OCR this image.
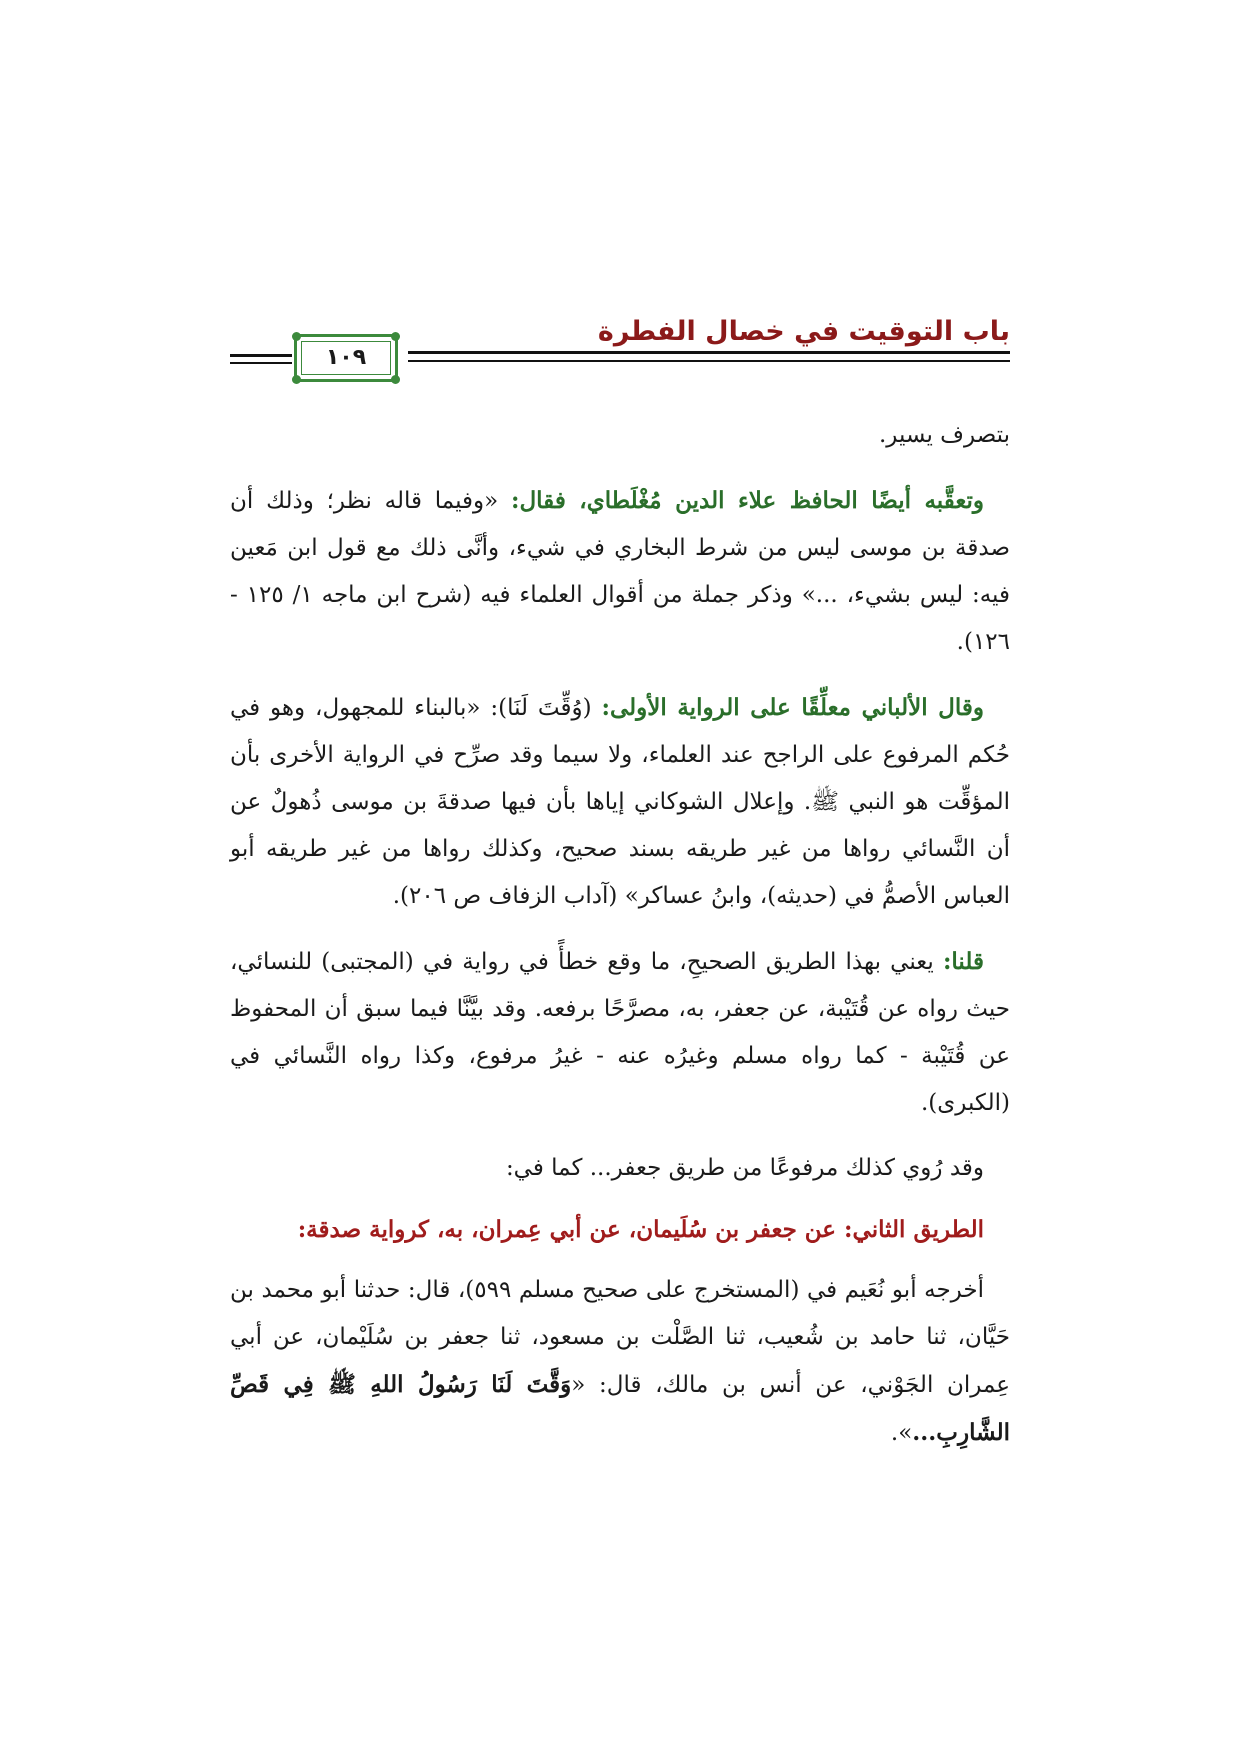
باب التوقيت في خصال الفطرة
١٠٩

بتصرف يسير.

وتعقَّبه أيضًا الحافظ علاء الدين مُغْلَطاي، فقال: «وفيما قاله نظر؛ وذلك أن صدقة بن موسى ليس من شرط البخاري في شيء، وأنَّى ذلك مع قول ابن مَعين فيه: ليس بشيء، ...» وذكر جملة من أقوال العلماء فيه (شرح ابن ماجه ١/ ١٢٥ - ١٢٦).

وقال الألباني معلِّقًا على الرواية الأولى: (وُقِّتَ لَنَا): «بالبناء للمجهول، وهو في حُكم المرفوع على الراجح عند العلماء، ولا سيما وقد صرِّح في الرواية الأخرى بأن المؤقِّت هو النبي ﷺ. وإعلال الشوكاني إياها بأن فيها صدقةَ بن موسى ذُهولٌ عن أن النَّسائي رواها من غير طريقه بسند صحيح، وكذلك رواها من غير طريقه أبو العباس الأصمُّ في (حديثه)، وابنُ عساكر» (آداب الزفاف ص ٢٠٦).

قلنا: يعني بهذا الطريق الصحيحِ، ما وقع خطأً في رواية في (المجتبى) للنسائي، حيث رواه عن قُتَيْبة، عن جعفر، به، مصرَّحًا برفعه. وقد بيَّنَّا فيما سبق أن المحفوظ عن قُتَيْبة - كما رواه مسلم وغيرُه عنه - غيرُ مرفوع، وكذا رواه النَّسائي في (الكبرى).

وقد رُوي كذلك مرفوعًا من طريق جعفر... كما في:

الطريق الثاني: عن جعفر بن سُلَيمان، عن أبي عِمران، به، كرواية صدقة:

أخرجه أبو نُعَيم في (المستخرج على صحيح مسلم ٥٩٩)، قال: حدثنا أبو محمد بن حَيَّان، ثنا حامد بن شُعيب، ثنا الصَّلْت بن مسعود، ثنا جعفر بن سُلَيْمان، عن أبي عِمران الجَوْني، عن أنس بن مالك، قال: «وَقَّتَ لَنَا رَسُولُ اللهِ ﷺ فِي قَصِّ الشَّارِبِ...».
